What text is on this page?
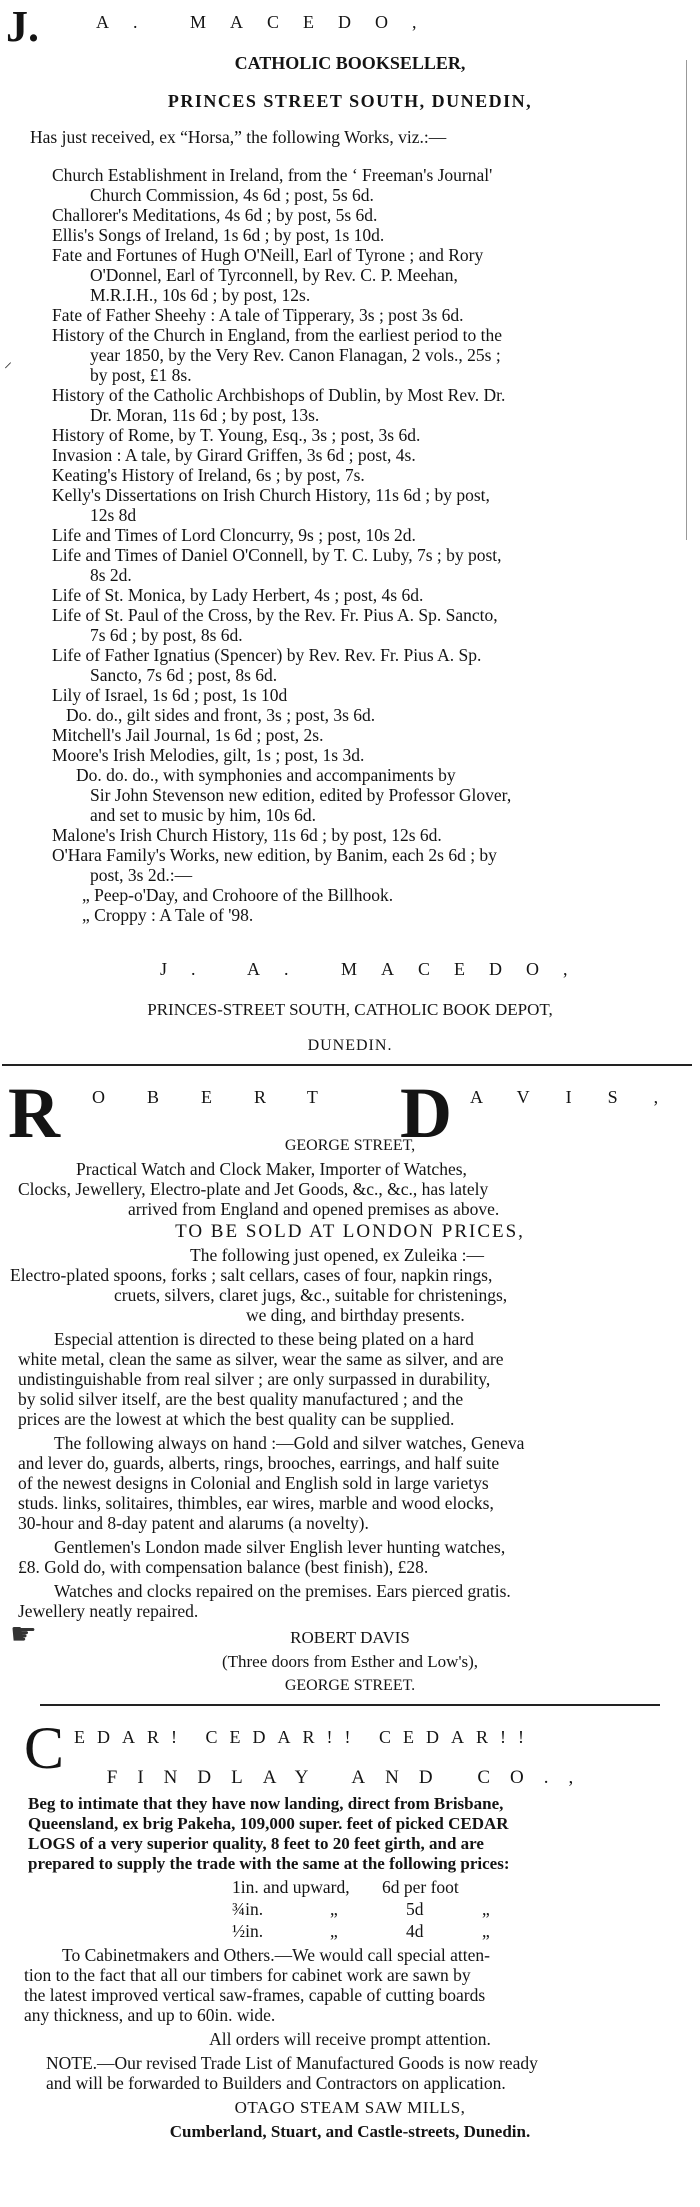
J.	A. MACEDO,
CATHOLIC BOOKSELLER,
PRINCES STREET SOUTH, DUNEDIN,
Has just received, ex “Horsa,” the following Works, viz.:—
Church Establishment in Ireland, from the ‘ Freeman's Journal'
Church Commission, 4s 6d ; post, 5s 6d.
Challorer's Meditations, 4s 6d ; by post, 5s 6d.
Ellis's Songs of Ireland, 1s 6d ; by post, 1s 10d.
Fate and Fortunes of Hugh O'Neill, Earl of Tyrone ; and Rory
O'Donnel, Earl of Tyrconnell, by Rev. C. P. Meehan,
M.R.I.H., 10s 6d ; by post, 12s.
Fate of Father Sheehy : A tale of Tipperary, 3s ; post 3s 6d.
History of the Church in England, from the earliest period to the
year 1850, by the Very Rev. Canon Flanagan, 2 vols., 25s ;
by post, £1 8s.
History of the Catholic Archbishops of Dublin, by Most Rev. Dr.
Dr. Moran, 11s 6d ; by post, 13s.
History of Rome, by T. Young, Esq., 3s ; post, 3s 6d.
Invasion : A tale, by Girard Griffen, 3s 6d ; post, 4s.
Keating's History of Ireland, 6s ; by post, 7s.
Kelly's Dissertations on Irish Church History, 11s 6d ; by post,
12s 8d
Life and Times of Lord Cloncurry, 9s ; post, 10s 2d.
Life and Times of Daniel O'Connell, by T. C. Luby, 7s ; by post,
8s 2d.
Life of St. Monica, by Lady Herbert, 4s ; post, 4s 6d.
Life of St. Paul of the Cross, by the Rev. Fr. Pius A. Sp. Sancto,
7s 6d ; by post, 8s 6d.
Life of Father Ignatius (Spencer) by Rev. Rev. Fr. Pius A. Sp.
Sancto, 7s 6d ; post, 8s 6d.
Lily of Israel, 1s 6d ; post, 1s 10d
Do. do., gilt sides and front, 3s ; post, 3s 6d.
Mitchell's Jail Journal, 1s 6d ; post, 2s.
Moore's Irish Melodies, gilt, 1s ; post, 1s 3d.
Do. do. do., with symphonies and accompaniments by
Sir John Stevenson new edition, edited by Professor Glover,
and set to music by him, 10s 6d.
Malone's Irish Church History, 11s 6d ; by post, 12s 6d.
O'Hara Family's Works, new edition, by Banim, each 2s 6d ; by
post, 3s 2d.:—
„ Peep-o'Day, and Crohoore of the Billhook.
„ Croppy : A Tale of '98.
J. A. MACEDO,
PRINCES-STREET SOUTH, CATHOLIC BOOK DEPOT,
DUNEDIN.
⸝
R OBERT D AVIS,
GEORGE STREET,
Practical Watch and Clock Maker, Importer of Watches,
Clocks, Jewellery, Electro-plate and Jet Goods, &c., &c., has lately
arrived from England and opened premises as above.
TO BE SOLD AT LONDON PRICES,
The following just opened, ex Zuleika :—
Electro-plated spoons, forks ; salt cellars, cases of four, napkin rings,
cruets, silvers, claret jugs, &c., suitable for christenings,
we ding, and birthday presents.
Especial attention is directed to these being plated on a hard
white metal, clean the same as silver, wear the same as silver, and are
undistinguishable from real silver ; are only surpassed in durability,
by solid silver itself, are the best quality manufactured ; and the
prices are the lowest at which the best quality can be supplied.
The following always on hand :—Gold and silver watches, Geneva
and lever do, guards, alberts, rings, brooches, earrings, and half suite
of the newest designs in Colonial and English sold in large varietys
studs. links, solitaires, thimbles, ear wires, marble and wood elocks,
30-hour and 8-day patent and alarums (a novelty).
Gentlemen's London made silver English lever hunting watches,
£8. Gold do, with compensation balance (best finish), £28.
Watches and clocks repaired on the premises. Ears pierced gratis.
Jewellery neatly repaired.
☛	ROBERT DAVIS
(Three doors from Esther and Low's),
GEORGE STREET.
C EDAR! CEDAR!! CEDAR!!
FINDLAY AND CO.,
Beg to intimate that they have now landing, direct from Brisbane,
Queensland, ex brig Pakeha, 109,000 super. feet of picked CEDAR
LOGS of a very superior quality, 8 feet to 20 feet girth, and are
prepared to supply the trade with the same at the following prices:
1in. and upward, 6d per foot
¾in.	„	5d	„
½in.	„	4d	„
To Cabinetmakers and Others.—We would call special atten-
tion to the fact that all our timbers for cabinet work are sawn by
the latest improved vertical saw-frames, capable of cutting boards
any thickness, and up to 60in. wide.
All orders will receive prompt attention.
NOTE.—Our revised Trade List of Manufactured Goods is now ready
and will be forwarded to Builders and Contractors on application.
OTAGO STEAM SAW MILLS,
Cumberland, Stuart, and Castle-streets, Dunedin.
